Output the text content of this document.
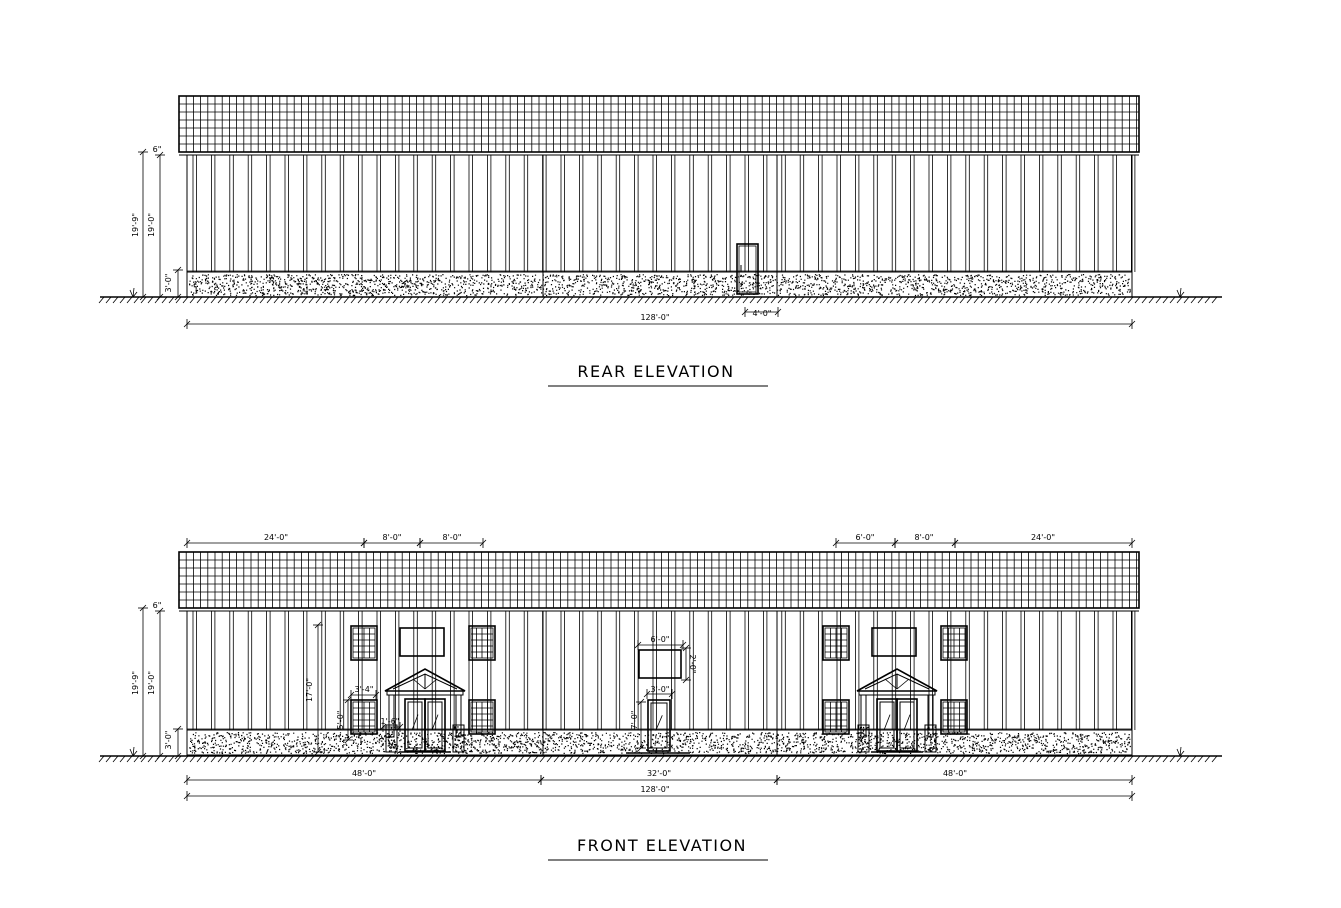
19'-9" 19'-0"
3'-0"
6"
128'-0"	4'-0"
REAR ELEVATION
24'-0"	8'-0"	8'-0"	6'-0"	8'-0"	24'-0"
19'-9" 19'-0"
3'-0"
6"
17'-0"	3'-4"
5'-0"	1'-6"
6'-0"
2'-0"
3'-0"
7'-0"
48'-0"	32'-0"	48'-0"
128'-0"
FRONT ELEVATION
